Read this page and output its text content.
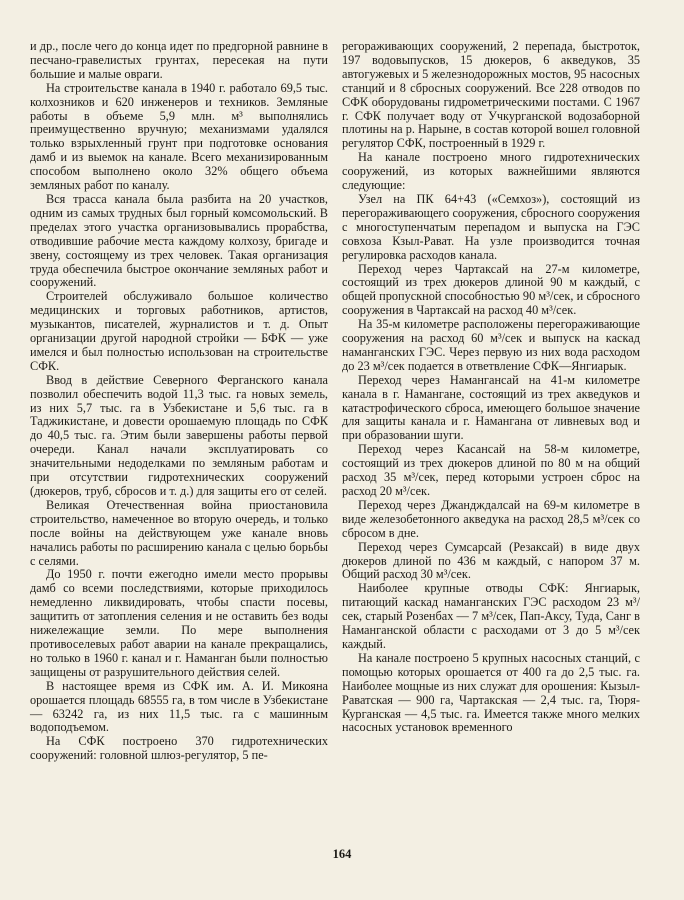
и др., после чего до конца идет по предгорной равнине в песчано-гравелистых грунтах, пересекая на пути большие и малые овраги.

На строительстве канала в 1940 г. работало 69,5 тыс. колхозников и 620 инженеров и техников. Земляные работы в объеме 5,9 млн. м³ выполнялись преимущественно вручную; механизмами удалялся только взрыхленный грунт при подготовке основания дамб и из выемок на канале. Всего механизированным способом выполнено около 32% общего объема земляных работ по каналу.

Вся трасса канала была разбита на 20 участков, одним из самых трудных был горный комсомольский. В пределах этого участка организовывались прорабства, отводившие рабочие места каждому колхозу, бригаде и звену, состоящему из трех человек. Такая организация труда обеспечила быстрое окончание земляных работ и сооружений.

Строителей обслуживало большое количество медицинских и торговых работников, артистов, музыкантов, писателей, журналистов и т. д. Опыт организации другой народной стройки — БФК — уже имелся и был полностью использован на строительстве СФК.

Ввод в действие Северного Ферганского канала позволил обеспечить водой 11,3 тыс. га новых земель, из них 5,7 тыс. га в Узбекистане и 5,6 тыс. га в Таджикистане, и довести орошаемую площадь по СФК до 40,5 тыс. га. Этим были завершены работы первой очереди. Канал начали эксплуатировать со значительными недоделками по земляным работам и при отсутствии гидротехнических сооружений (дюкеров, труб, сбросов и т. д.) для защиты его от селей.

Великая Отечественная война приостановила строительство, намеченное во вторую очередь, и только после войны на действующем уже канале вновь начались работы по расширению канала с целью борьбы с селями.

До 1950 г. почти ежегодно имели место прорывы дамб со всеми последствиями, которые приходилось немедленно ликвидировать, чтобы спасти посевы, защитить от затопления селения и не оставить без воды нижележащие земли. По мере выполнения противоселевых работ аварии на канале прекращались, но только в 1960 г. канал и г. Наманган были полностью защищены от разрушительного действия селей.

В настоящее время из СФК им. А. И. Микояна орошается площадь 68555 га, в том числе в Узбекистане — 63242 га, из них 11,5 тыс. га с машинным водоподъемом.

На СФК построено 370 гидротехнических сооружений: головной шлюз-регулятор, 5 пе-

регораживающих сооружений, 2 перепада, быстроток, 197 водовыпусков, 15 дюкеров, 6 акведуков, 35 автогужевых и 5 железнодорожных мостов, 95 насосных станций и 8 сбросных сооружений. Все 228 отводов по СФК оборудованы гидрометрическими постами. С 1967 г. СФК получает воду от Учкурганской водозаборной плотины на р. Нарыне, в состав которой вошел головной регулятор СФК, построенный в 1929 г.

На канале построено много гидротехнических сооружений, из которых важнейшими являются следующие:

Узел на ПК 64+43 («Семхоз»), состоящий из перегораживающего сооружения, сбросного сооружения с многоступенчатым перепадом и выпуска на ГЭС совхоза Кзыл-Рават. На узле производится точная регулировка расходов канала.

Переход через Чартаксай на 27-м километре, состоящий из трех дюкеров длиной 90 м каждый, с общей пропускной способностью 90 м³/сек, и сбросного сооружения в Чартаксай на расход 40 м³/сек.

На 35-м километре расположены перегораживающие сооружения на расход 60 м³/сек и выпуск на каскад наманганских ГЭС. Через первую из них вода расходом до 23 м³/сек подается в ответвление СФК—Янгиарык.

Переход через Намангансай на 41-м километре канала в г. Намангане, состоящий из трех акведуков и катастрофического сброса, имеющего большое значение для защиты канала и г. Намангана от ливневых вод и при образовании шуги.

Переход через Касансай на 58-м километре, состоящий из трех дюкеров длиной по 80 м на общий расход 35 м³/сек, перед которыми устроен сброс на расход 20 м³/сек.

Переход через Джандждалсай на 69-м километре в виде железобетонного акведука на расход 28,5 м³/сек со сбросом в дне.

Переход через Сумсарсай (Резаксай) в виде двух дюкеров длиной по 436 м каждый, с напором 37 м. Общий расход 30 м³/сек.

Наиболее крупные отводы СФК: Янгиарык, питающий каскад наманганских ГЭС расходом 23 м³/сек, старый Розенбах — 7 м³/сек, Пап-Аксу, Туда, Санг в Наманганской области с расходами от 3 до 5 м³/сек каждый.

На канале построено 5 крупных насосных станций, с помощью которых орошается от 400 га до 2,5 тыс. га. Наиболее мощные из них служат для орошения: Кызыл-Раватская — 900 га, Чартакская — 2,4 тыс. га, Тюря-Курганская — 4,5 тыс. га. Имеется также много мелких насосных установок временного

164
